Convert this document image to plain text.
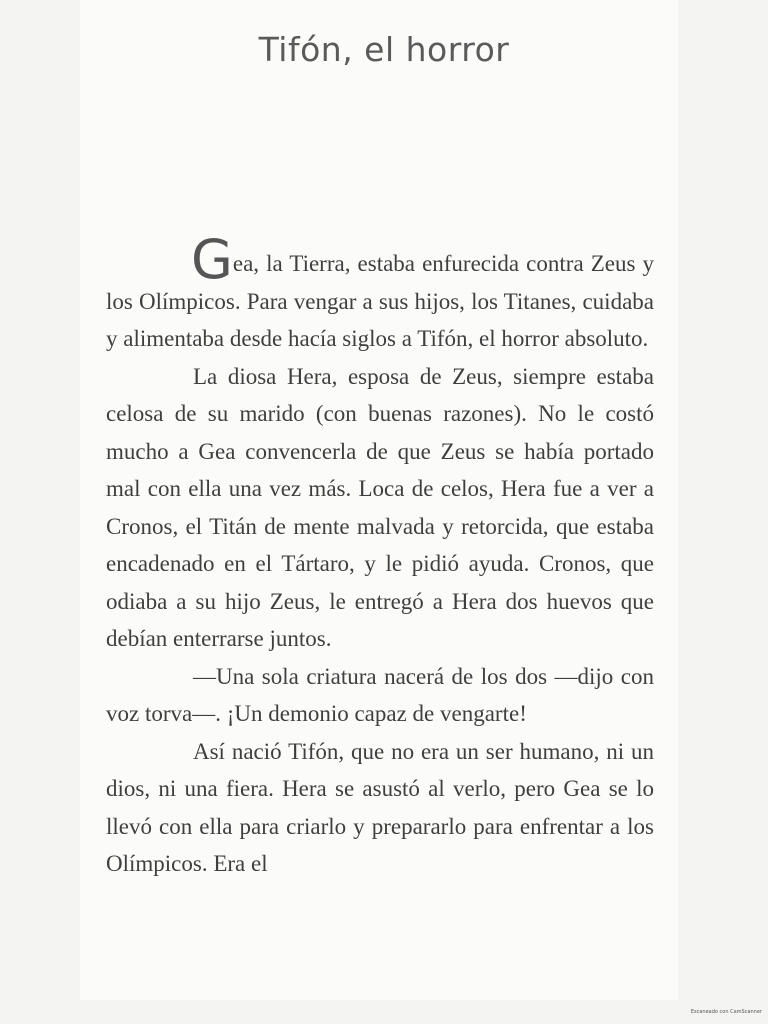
Tifón, el horror

Gea, la Tierra, estaba enfurecida contra Zeus y los Olímpicos. Para vengar a sus hijos, los Titanes, cuidaba y alimentaba desde hacía siglos a Tifón, el horror absoluto.

La diosa Hera, esposa de Zeus, siempre estaba celosa de su marido (con buenas razones). No le costó mucho a Gea convencerla de que Zeus se había portado mal con ella una vez más. Loca de celos, Hera fue a ver a Cronos, el Titán de mente malvada y retorcida, que estaba encadenado en el Tártaro, y le pidió ayuda. Cronos, que odiaba a su hijo Zeus, le entregó a Hera dos huevos que debían enterrarse juntos.

—Una sola criatura nacerá de los dos —dijo con voz torva—. ¡Un demonio capaz de vengarte!

Así nació Tifón, que no era un ser humano, ni un dios, ni una fiera. Hera se asustó al verlo, pero Gea se lo llevó con ella para criarlo y prepararlo para enfrentar a los Olímpicos. Era el

Escaneado con CamScanner
